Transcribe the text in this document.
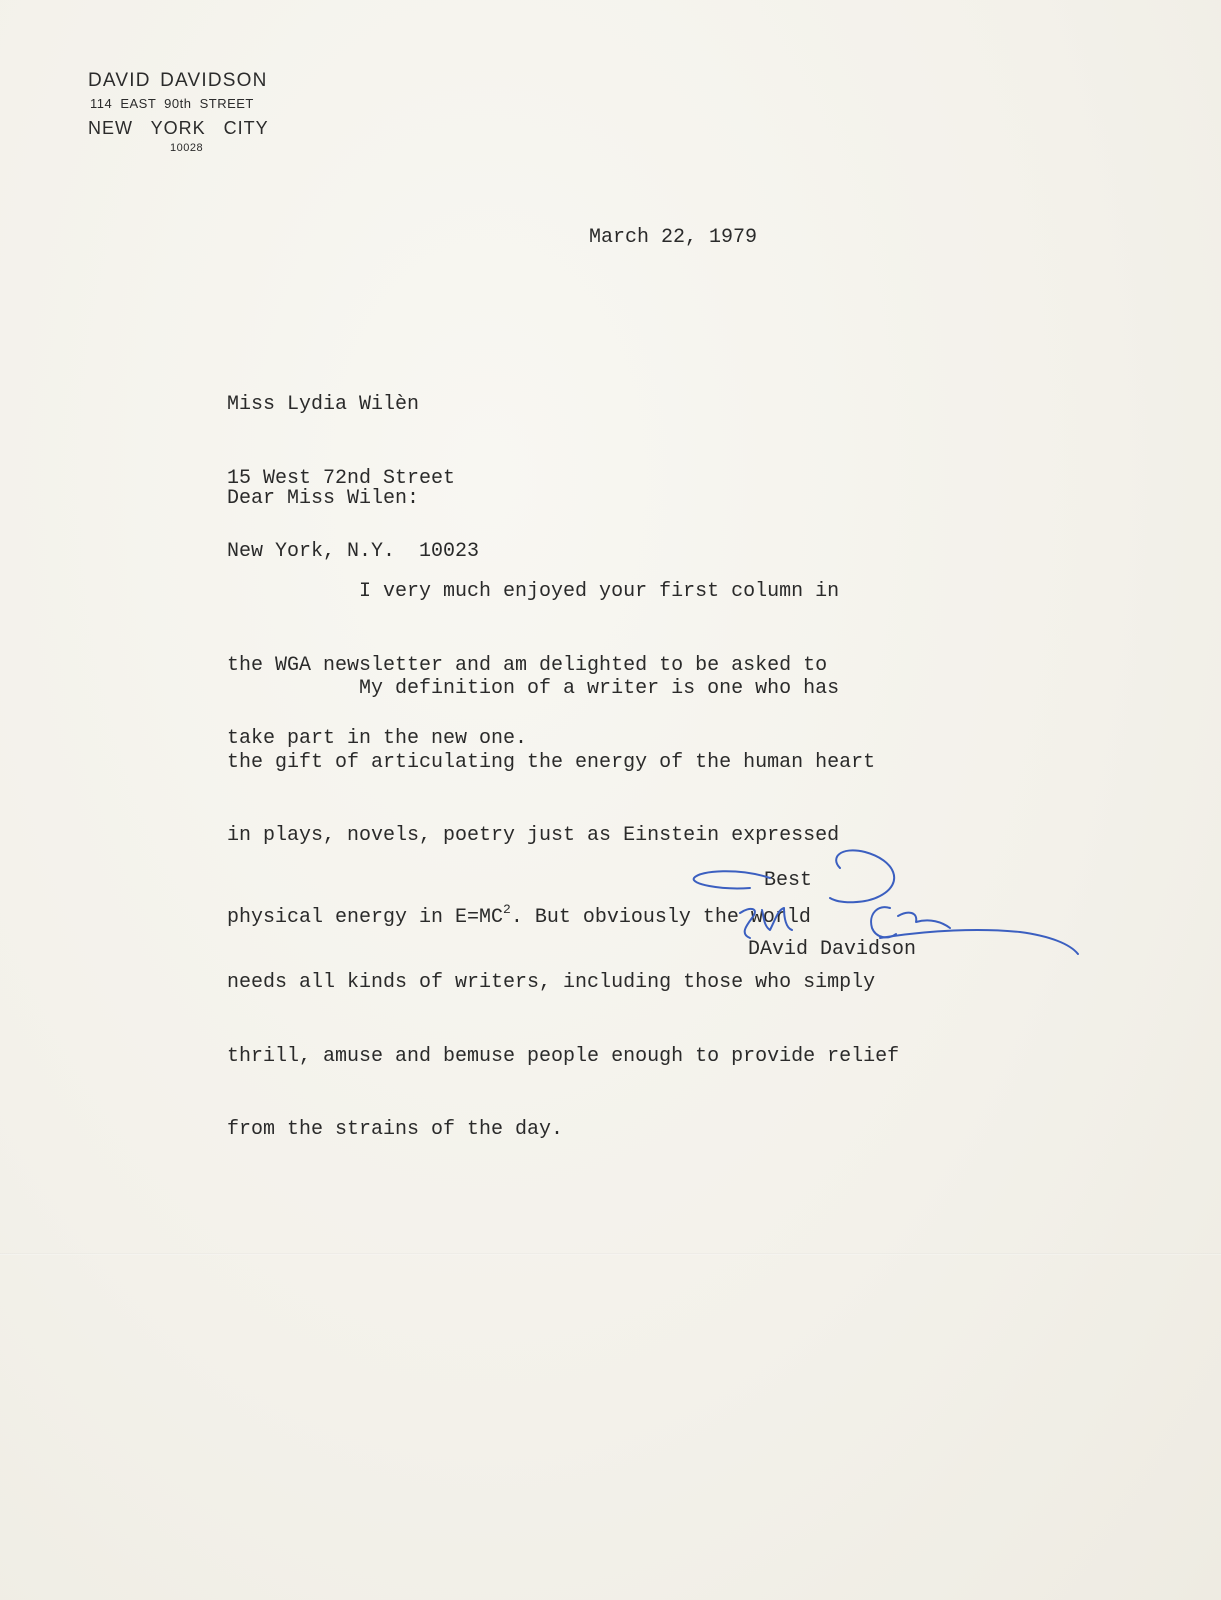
DAVID DAVIDSON
114 EAST 90th STREET
NEW YORK CITY
10028
March 22, 1979

Miss Lydia Wilèn

15 West 72nd Street

New York, N.Y.  10023

Dear Miss Wilen:

I very much enjoyed your first column in

the WGA newsletter and am delighted to be asked to

take part in the new one.

My definition of a writer is one who has

the gift of articulating the energy of the human heart

in plays, novels, poetry just as Einstein expressed

physical energy in $E=MC^2$. But obviously the world

needs all kinds of writers, including those who simply

thrill, amuse and bemuse people enough to provide relief

from the strains of the day.

Best
DAvid Davidson
